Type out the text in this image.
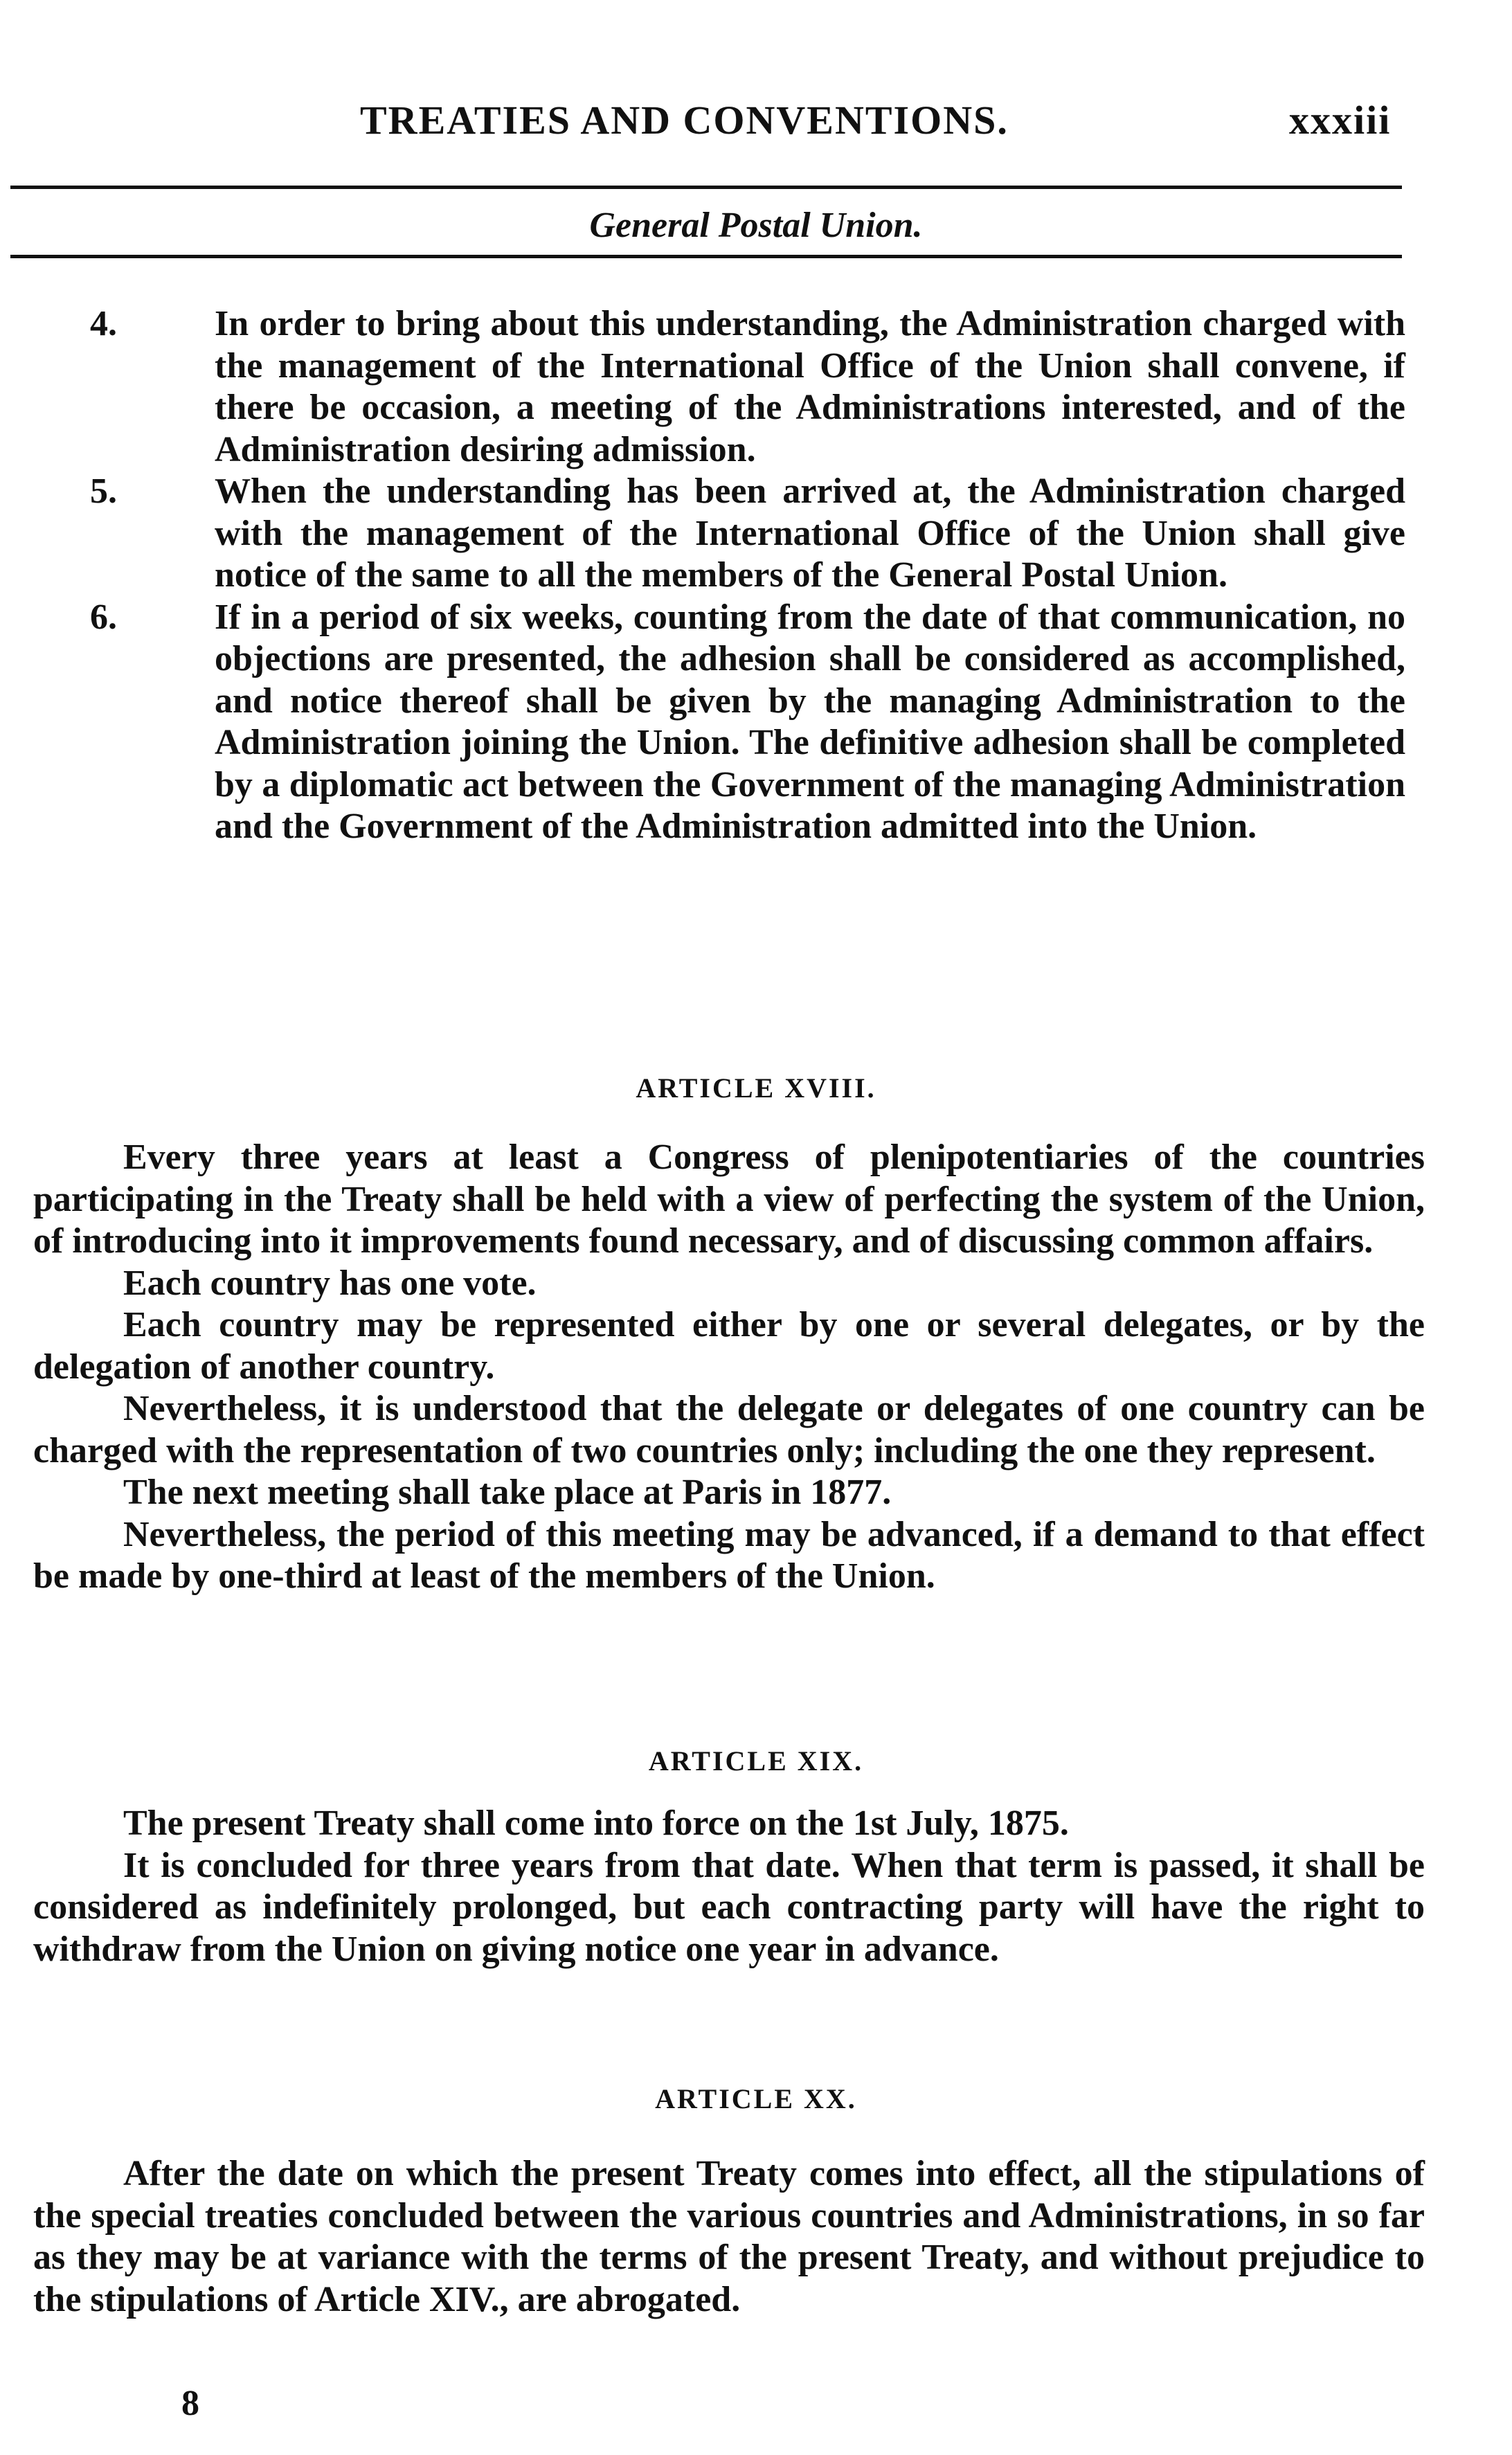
TREATIES AND CONVENTIONS.	xxxiii
General Postal Union.
4.	In order to bring about this understanding, the Administration charged with the management of the International Office of the Union shall convene, if there be occasion, a meeting of the Administrations interested, and of the Administration desiring admission.
5.	When the understanding has been arrived at, the Administration charged with the management of the International Office of the Union shall give notice of the same to all the members of the General Postal Union.
6.	If in a period of six weeks, counting from the date of that communication, no objections are presented, the adhesion shall be considered as accomplished, and notice thereof shall be given by the managing Administration to the Administration joining the Union. The definitive adhesion shall be completed by a diplomatic act between the Government of the managing Administration and the Government of the Administration admitted into the Union.
ARTICLE XVIII.

Every three years at least a Congress of plenipotentiaries of the countries participating in the Treaty shall be held with a view of perfecting the system of the Union, of introducing into it improvements found necessary, and of discussing common affairs.

Each country has one vote.

Each country may be represented either by one or several delegates, or by the delegation of another country.

Nevertheless, it is understood that the delegate or delegates of one country can be charged with the representation of two countries only; including the one they represent.

The next meeting shall take place at Paris in 1877.

Nevertheless, the period of this meeting may be advanced, if a demand to that effect be made by one-third at least of the members of the Union.

ARTICLE XIX.

The present Treaty shall come into force on the 1st July, 1875.

It is concluded for three years from that date. When that term is passed, it shall be considered as indefinitely prolonged, but each contracting party will have the right to withdraw from the Union on giving notice one year in advance.

ARTICLE XX.

After the date on which the present Treaty comes into effect, all the stipulations of the special treaties concluded between the various countries and Administrations, in so far as they may be at variance with the terms of the present Treaty, and without prejudice to the stipulations of Article XIV., are abrogated.

8
